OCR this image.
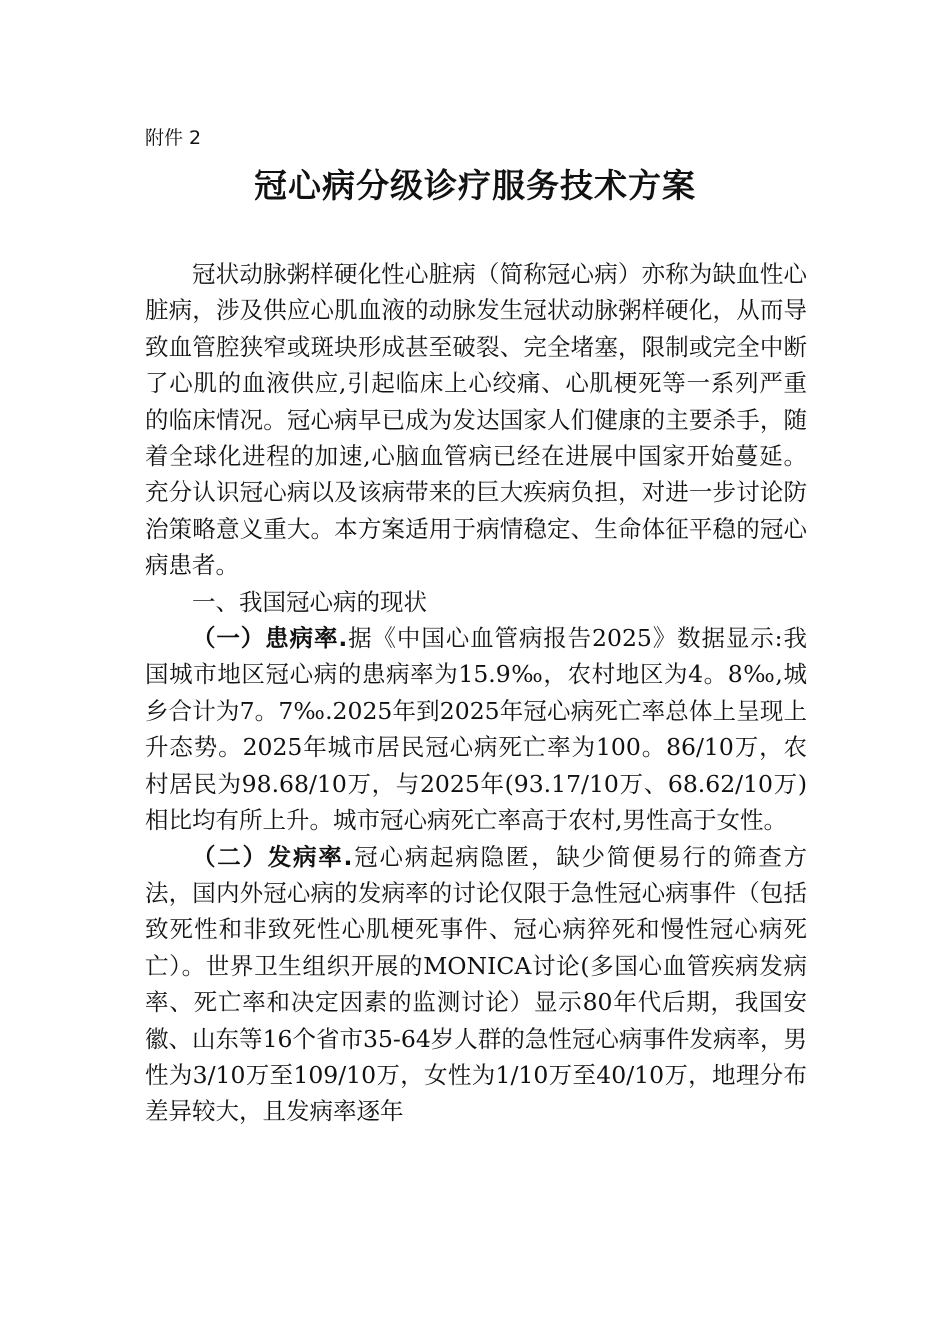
附件 2
冠心病分级诊疗服务技术方案

冠状动脉粥样硬化性心脏病（简称冠心病）亦称为缺血性心脏病，涉及供应心肌血液的动脉发生冠状动脉粥样硬化，从而导致血管腔狭窄或斑块形成甚至破裂、完全堵塞，限制或完全中断了心肌的血液供应,引起临床上心绞痛、心肌梗死等一系列严重的临床情况。冠心病早已成为发达国家人们健康的主要杀手，随着全球化进程的加速,心脑血管病已经在进展中国家开始蔓延。充分认识冠心病以及该病带来的巨大疾病负担，对进一步讨论防治策略意义重大。本方案适用于病情稳定、生命体征平稳的冠心病患者。

一、我国冠心病的现状

（一）患病率.据《中国心血管病报告2025》数据显示:我国城市地区冠心病的患病率为15.9‰，农村地区为4。8‰,城乡合计为7。7‰.2025年到2025年冠心病死亡率总体上呈现上升态势。2025年城市居民冠心病死亡率为100。86/10万，农村居民为98.68/10万，与2025年(93.17/10万、68.62/10万)相比均有所上升。城市冠心病死亡率高于农村,男性高于女性。

（二）发病率.冠心病起病隐匿，缺少简便易行的筛查方法，国内外冠心病的发病率的讨论仅限于急性冠心病事件（包括致死性和非致死性心肌梗死事件、冠心病猝死和慢性冠心病死亡）。世界卫生组织开展的MONICA讨论(多国心血管疾病发病率、死亡率和决定因素的监测讨论）显示80年代后期，我国安徽、山东等16个省市35-64岁人群的急性冠心病事件发病率，男性为3/10万至109/10万，女性为1/10万至40/10万，地理分布差异较大，且发病率逐年
